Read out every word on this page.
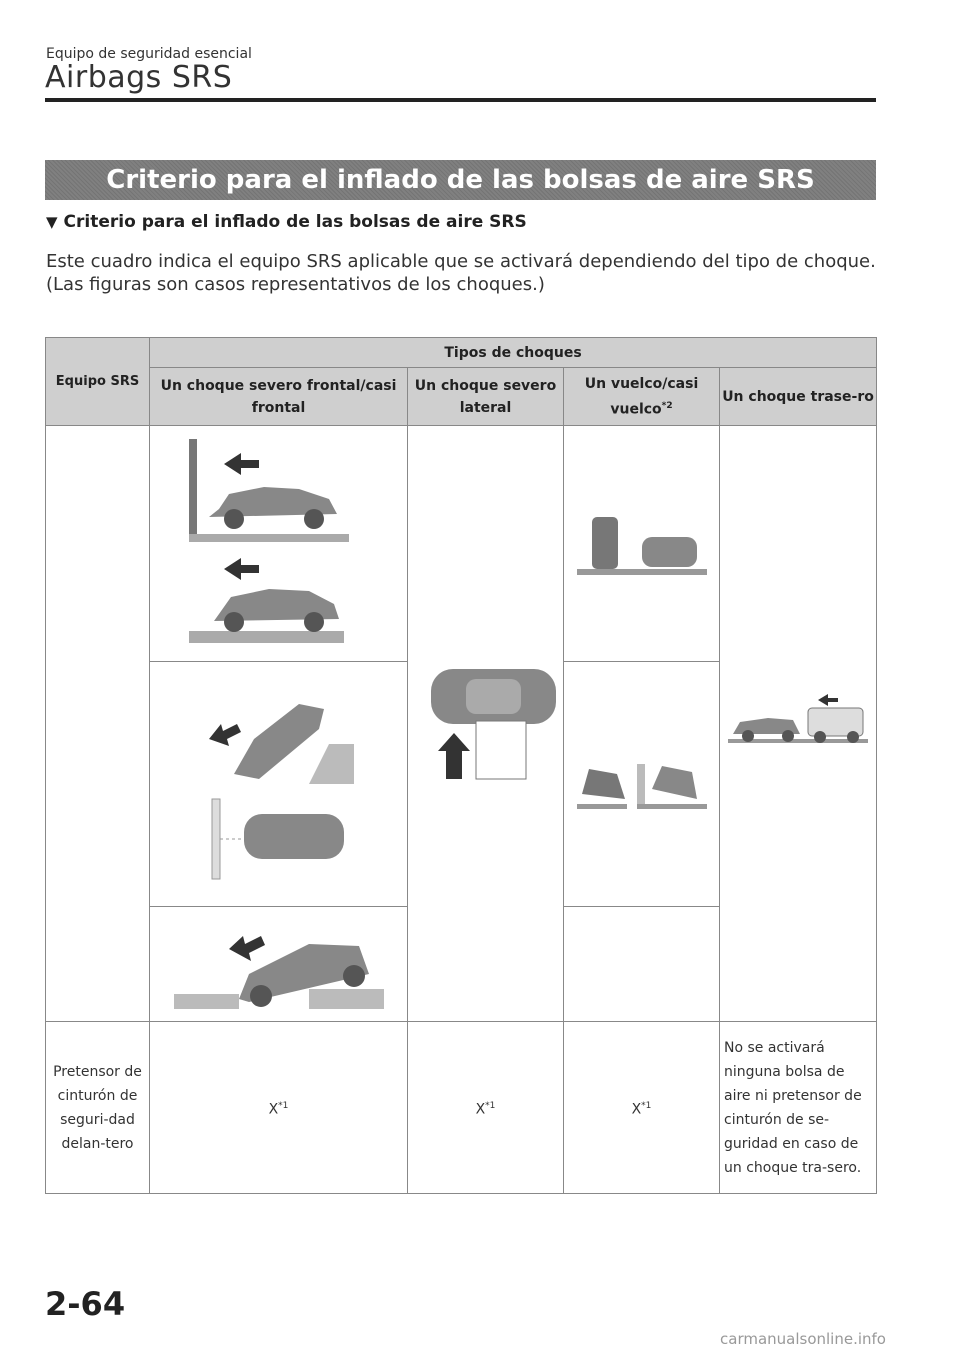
Equipo de seguridad esencial
Airbags SRS
Criterio para el inflado de las bolsas de aire SRS
▼ Criterio para el inflado de las bolsas de aire SRS

Este cuadro indica el equipo SRS aplicable que se activará dependiendo del tipo de choque.

(Las figuras son casos representativos de los choques.)

Equipo SRS	Tipos de choques			
	Un choque severo frontal/casi frontal	Un choque severo lateral	Un vuelco/casi vuelco$^{*2}$	Un choque trase-ro

Pretensor de cinturón de seguri-dad delan-tero	$X^{*1}$	$X^{*1}$	$X^{*1}$	No se activará ninguna bolsa de aire ni pretensor de cinturón de se-guridad en caso de un choque tra-sero.
2-64
carmanualsonline.info
